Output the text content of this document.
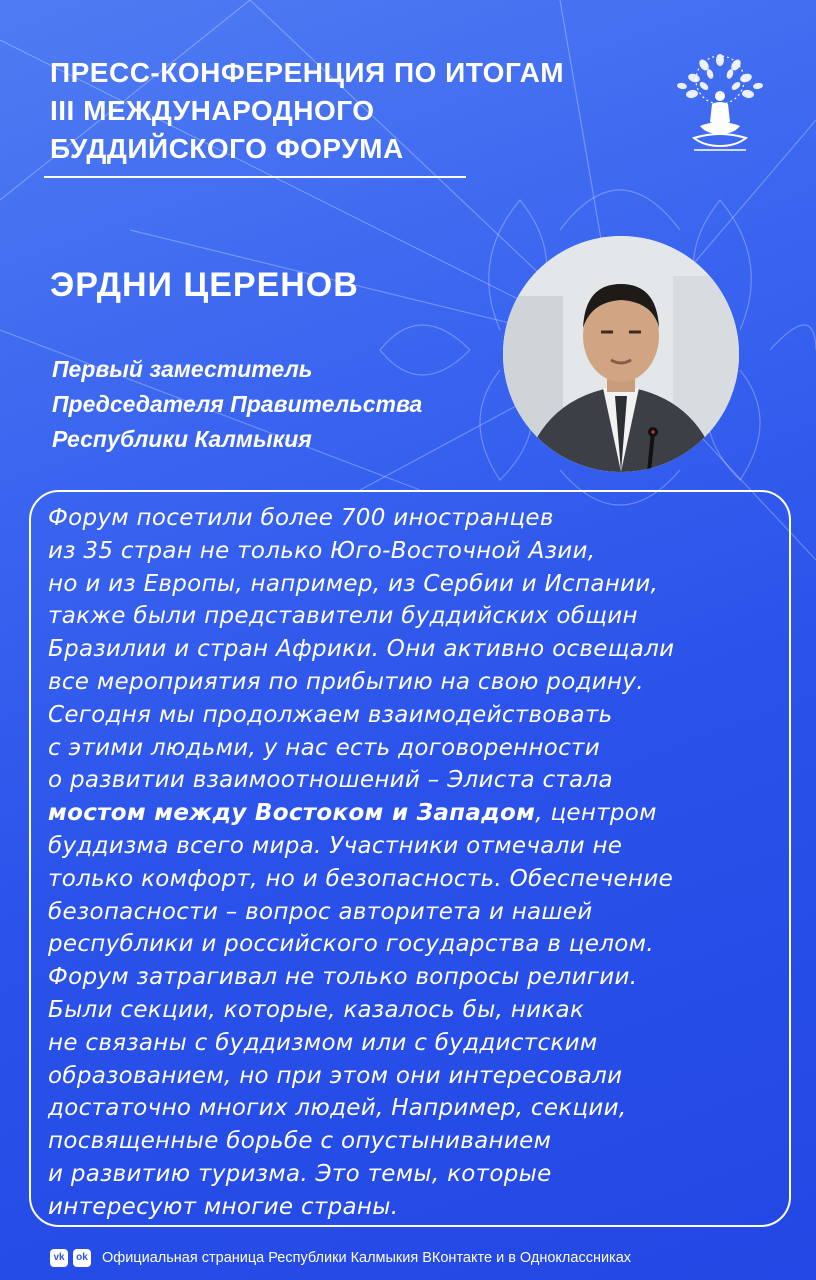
ПРЕСС-КОНФЕРЕНЦИЯ ПО ИТОГАМ
III МЕЖДУНАРОДНОГО
БУДДИЙСКОГО ФОРУМА
ЭРДНИ ЦЕРЕНОВ
Первый заместитель
Председателя Правительства
Республики Калмыкия
Форум посетили более 700 иностранцев
из 35 стран не только Юго-Восточной Азии,
но и из Европы, например, из Сербии и Испании,
также были представители буддийских общин
Бразилии и стран Африки. Они активно освещали
все мероприятия по прибытию на свою родину.
Сегодня мы продолжаем взаимодействовать
с этими людьми, у нас есть договоренности
о развитии взаимоотношений – Элиста стала
мостом между Востоком и Западом, центром
буддизма всего мира. Участники отмечали не
только комфорт, но и безопасность. Обеспечение
безопасности – вопрос авторитета и нашей
республики и российского государства в целом.
Форум затрагивал не только вопросы религии.
Были секции, которые, казалось бы, никак
не связаны с буддизмом или с буддистским
образованием, но при этом они интересовали
достаточно многих людей, Например, секции,
посвященные борьбе с опустыниванием
и развитию туризма. Это темы, которые
интересуют многие страны.
vk	ok Официальная страница Республики Калмыкия ВКонтакте и в Одноклассниках
